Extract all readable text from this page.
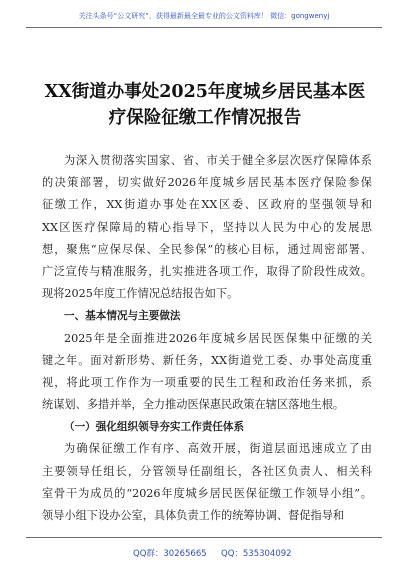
关注头条号“公文研究”，获得最新最全最专业的公文资料库！ 微信：gongwenyj
XX街道办事处2025年度城乡居民基本医
疗保险征缴工作情况报告
为深入贯彻落实国家、省、市关于健全多层次医疗保障体系
的决策部署，切实做好2026年度城乡居民基本医疗保险参保
征缴工作，XX街道办事处在XX区委、区政府的坚强领导和
XX区医疗保障局的精心指导下，坚持以人民为中心的发展思
想，聚焦“应保尽保、全民参保”的核心目标，通过周密部署、
广泛宣传与精准服务，扎实推进各项工作，取得了阶段性成效。
现将2025年度工作情况总结报告如下。
一、基本情况与主要做法
2025年是全面推进2026年度城乡居民医保集中征缴的关
键之年。面对新形势、新任务，XX街道党工委、办事处高度重
视，将此项工作作为一项重要的民生工程和政治任务来抓，系
统谋划、多措并举，全力推动医保惠民政策在辖区落地生根。
（一）强化组织领导夯实工作责任体系
为确保征缴工作有序、高效开展，街道层面迅速成立了由
主要领导任组长，分管领导任副组长，各社区负责人、相关科
室骨干为成员的“2026年度城乡居民医保征缴工作领导小组”。
领导小组下设办公室，具体负责工作的统筹协调、督促指导和
QQ群：30265665 QQ：535304092
